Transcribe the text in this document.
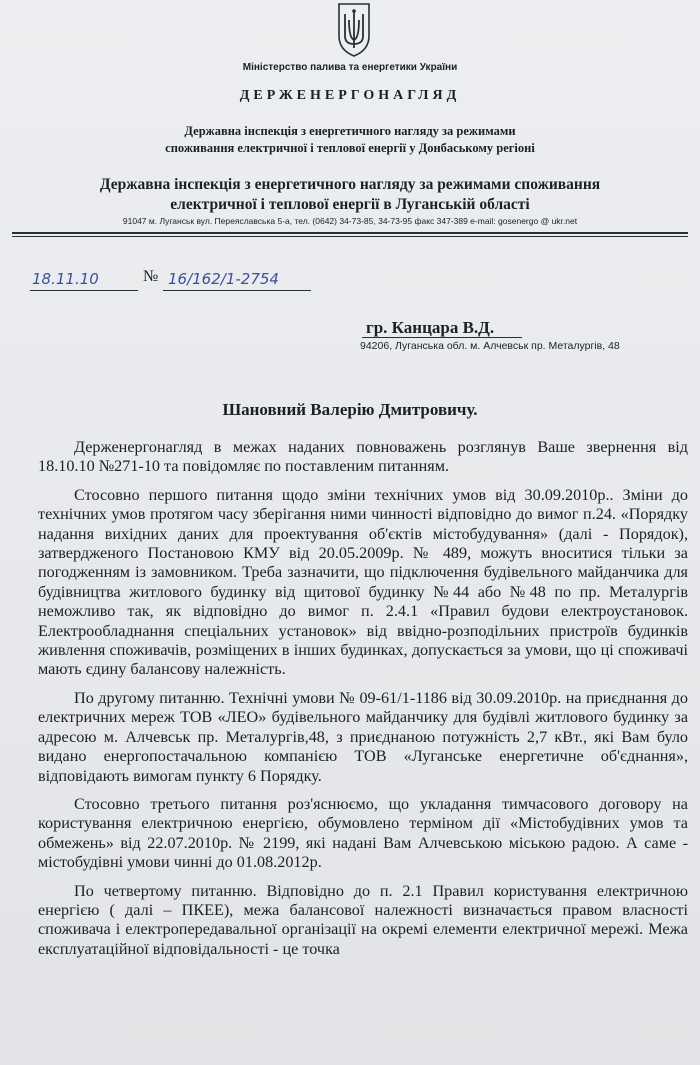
Міністерство палива та енергетики України
ДЕРЖЕНЕРГОНАГЛЯД
Державна інспекція з енергетичного нагляду за режимами
споживання електричної і теплової енергії у Донбаському регіоні
Державна інспекція з енергетичного нагляду за режимами споживання
електричної і теплової енергії в Луганській області
91047 м. Луганськ вул. Переяславська 5-а, тел. (0642) 34-73-85, 34-73-95 факс 347-389 e-mail: gosenergo @ ukr.net
18.11.10	№ 16/162/1-2754
гр. Канцара В.Д.
94206, Луганська обл. м. Алчевськ пр. Металургів, 48
Шановний Валерію Дмитровичу.

Держенергонагляд в межах наданих повноважень розглянув Ваше звернення від 18.10.10 №271-10 та повідомляє по поставленим питанням.

Стосовно першого питання щодо зміни технічних умов від 30.09.2010р.. Зміни до технічних умов протягом часу зберігання ними чинності відповідно до вимог п.24. «Порядку надання вихідних даних для проектування об'єктів містобудування» (далі - Порядок), затвердженого Постановою КМУ від 20.05.2009р. № 489, можуть вноситися тільки за погодженням із замовником. Треба зазначити, що підключення будівельного майданчика для будівництва житлового будинку від щитової будинку №44 або №48 по пр. Металургів неможливо так, як відповідно до вимог п. 2.4.1 «Правил будови електроустановок. Електрообладнання спеціальних установок» від ввідно-розподільних пристроїв будинків живлення споживачів, розміщених в інших будинках, допускається за умови, що ці споживачі мають єдину балансову належність.

По другому питанню. Технічні умови № 09-61/1-1186 від 30.09.2010р. на приєднання до електричних мереж ТОВ «ЛЕО» будівельного майданчику для будівлі житлового будинку за адресою м. Алчевськ пр. Металургів,48, з приєднаною потужність 2,7 кВт., які Вам було видано енергопостачальною компанією ТОВ «Луганське енергетичне об'єднання», відповідають вимогам пункту 6 Порядку.

Стосовно третього питання роз'яснюємо, що укладання тимчасового договору на користування електричною енергією, обумовлено терміном дії «Містобудівних умов та обмежень» від 22.07.2010р. № 2199, які надані Вам Алчевською міською радою. А саме - містобудівні умови чинні до 01.08.2012р.

По четвертому питанню. Відповідно до п. 2.1 Правил користування електричною енергією ( далі – ПКЕЕ), межа балансової належності визначається правом власності споживача і електропередавальної організації на окремі елементи електричної мережі. Межа експлуатаційної відповідальності - це точка
